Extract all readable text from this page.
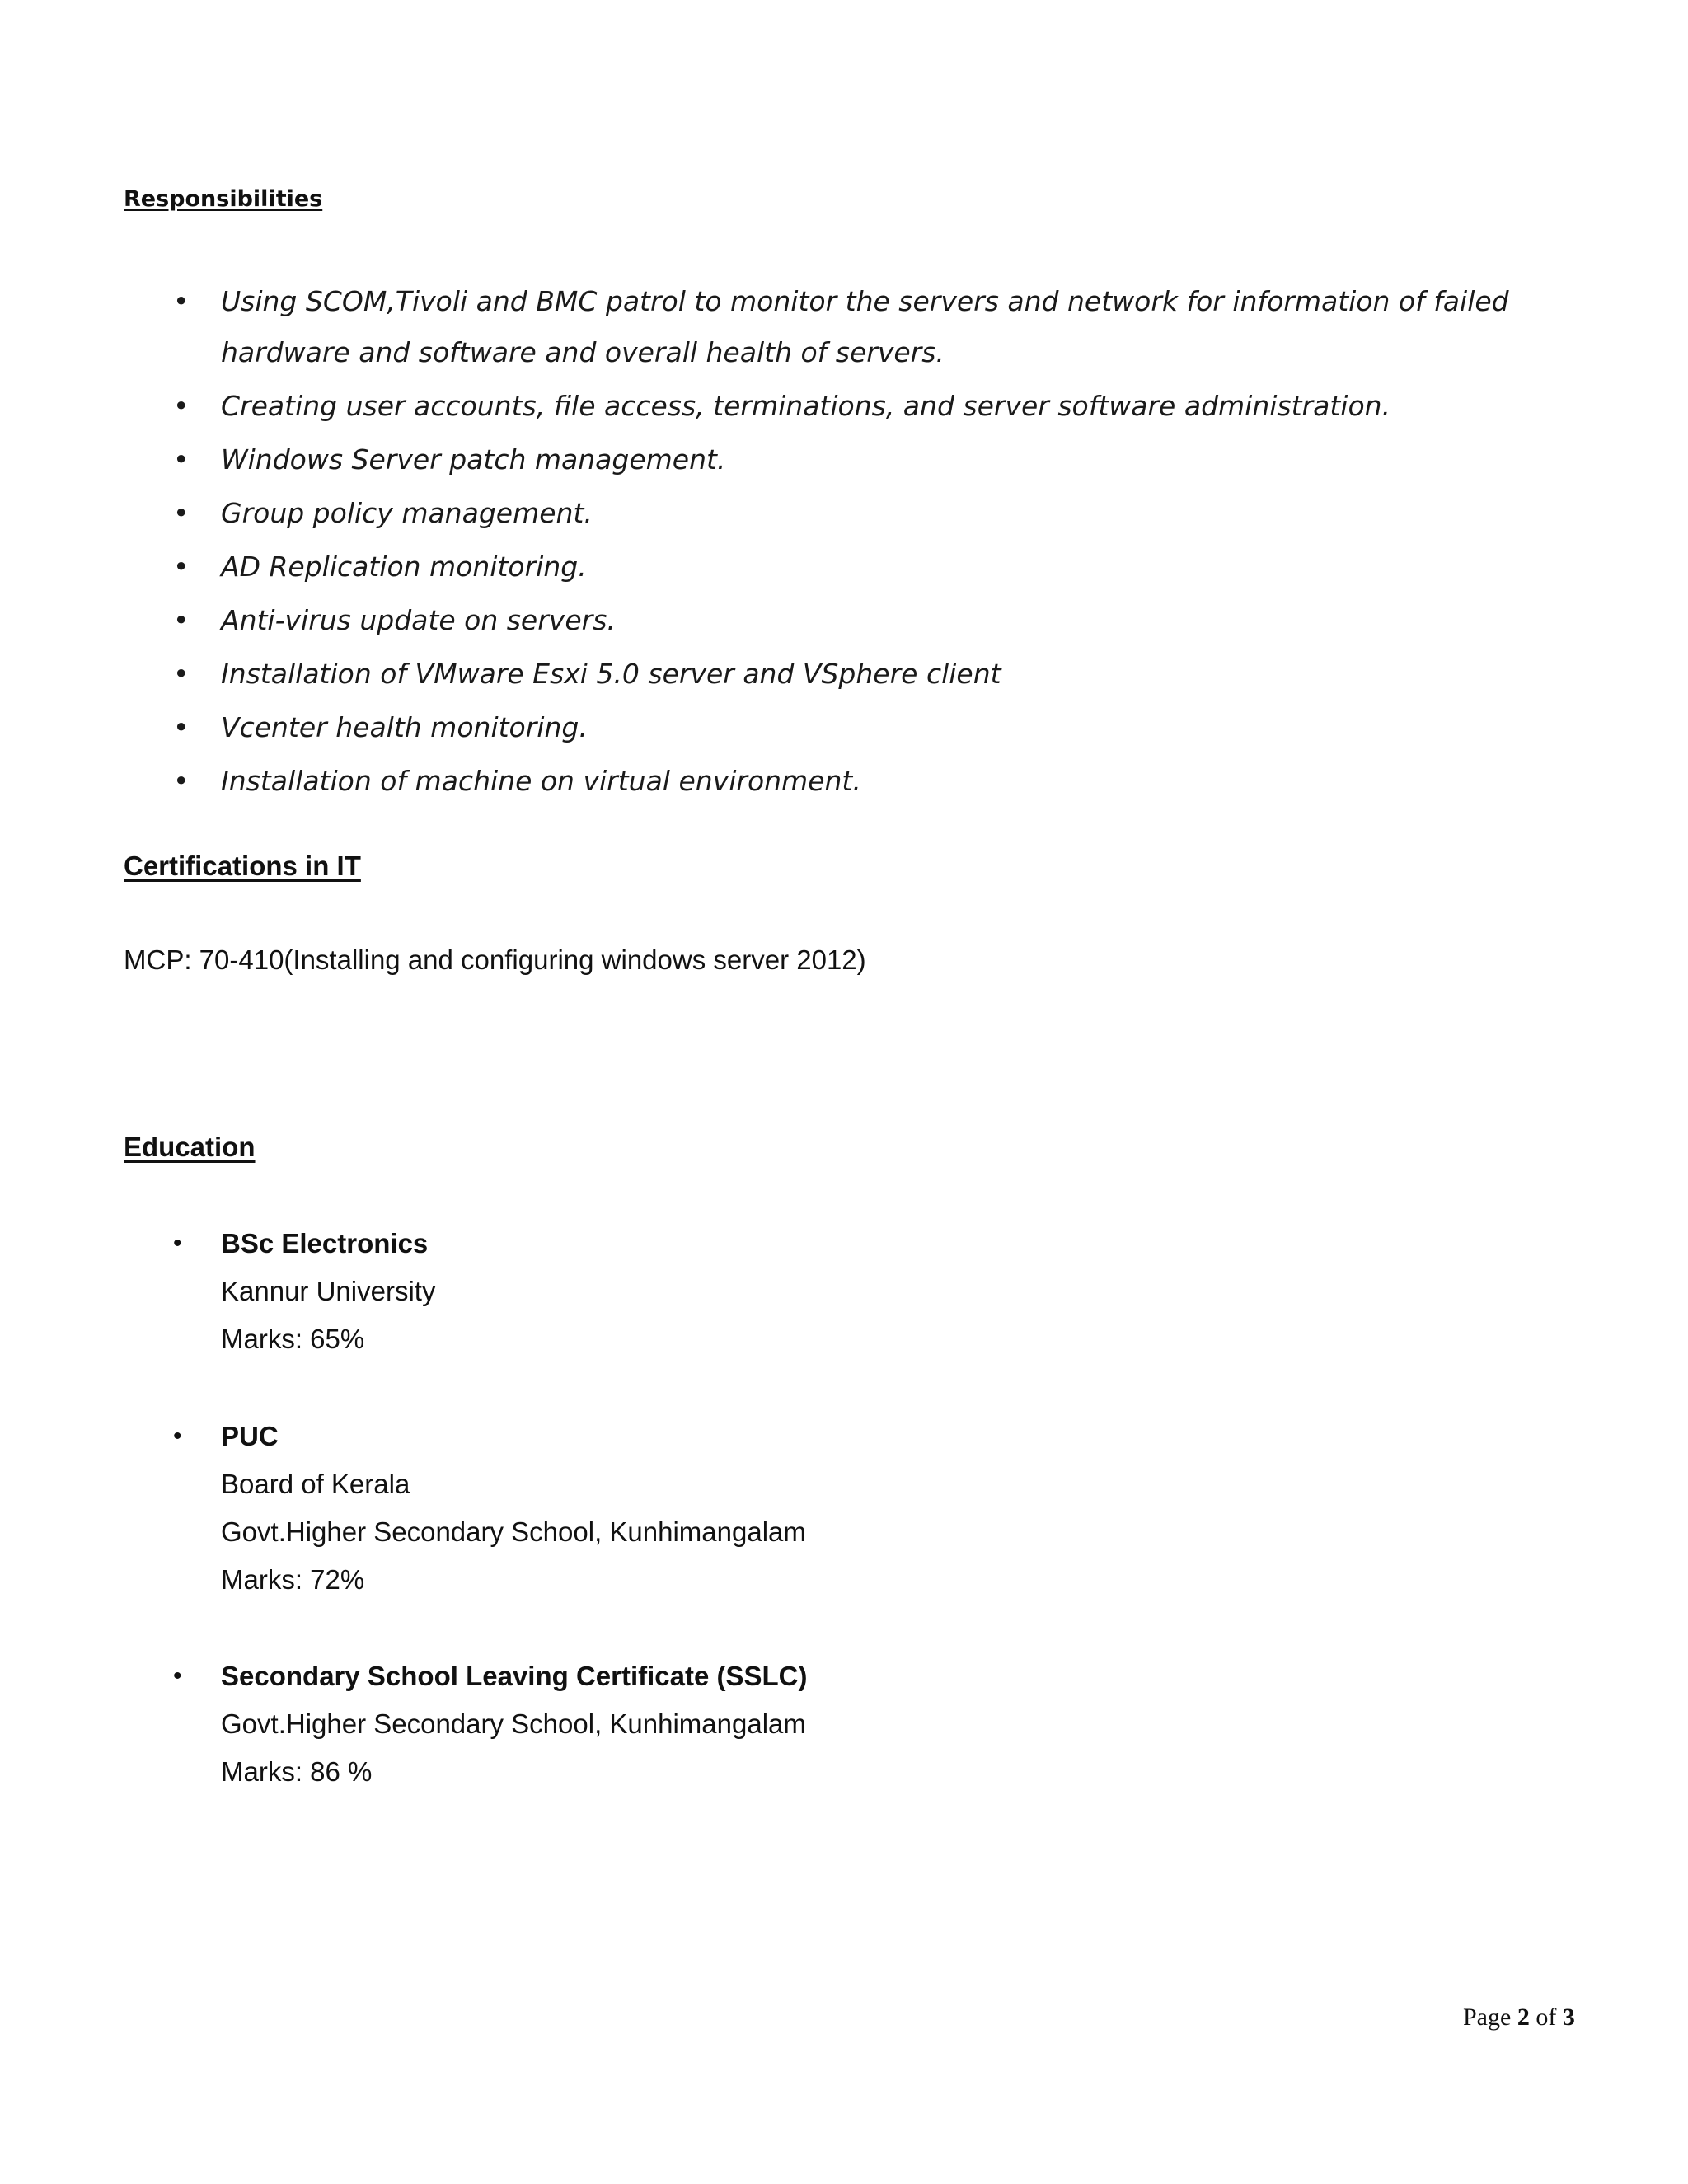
Responsibilities
•	Using SCOM,Tivoli and BMC patrol to monitor the servers and network for information of failed hardware and software and overall health of servers.
•	Creating user accounts, file access, terminations, and server software administration.
•	Windows Server patch management.
•	Group policy management.
•	AD Replication monitoring.
•	Anti-virus update on servers.
•	Installation of VMware Esxi 5.0 server and VSphere client
•	Vcenter health monitoring.
•	Installation of machine on virtual environment.
Certifications in IT
MCP: 70-410(Installing and configuring windows server 2012)
Education
• BSc Electronics
Kannur University
Marks: 65%
• PUC
Board of Kerala
Govt.Higher Secondary School, Kunhimangalam
Marks: 72%
• Secondary School Leaving Certificate (SSLC)
Govt.Higher Secondary School, Kunhimangalam
Marks: 86 %
Page 2 of 3
